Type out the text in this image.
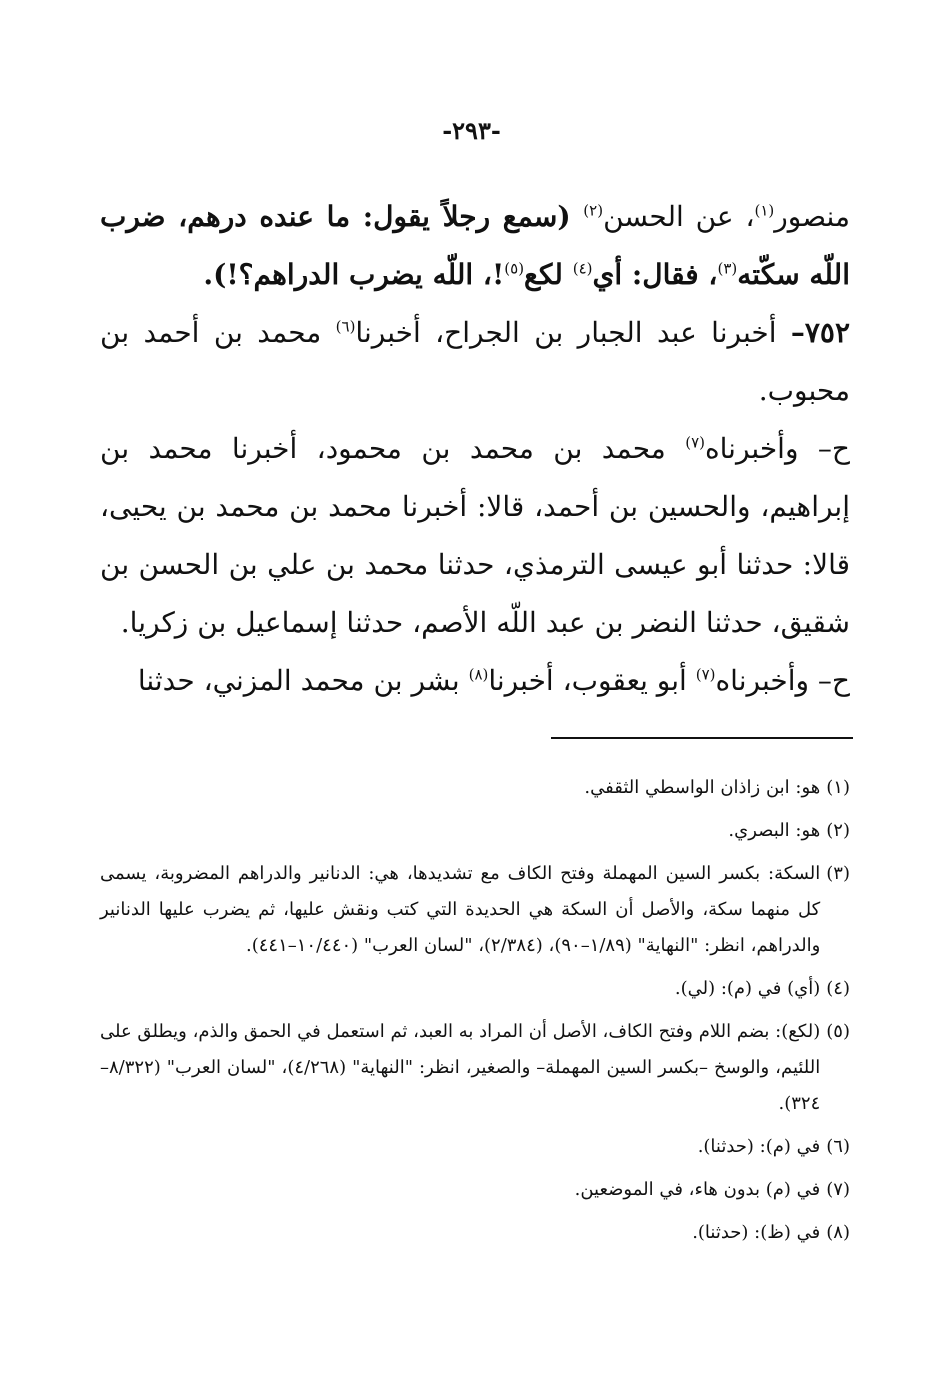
-٢٩٣-

منصور$^{(١)}$، عن الحسن$^{(٢)}$ (سمع رجلاً يقول: ما عنده درهم، ضرب اللّه سكّته$^{(٣)}$، فقال: أي$^{(٤)}$ لكع$^{(٥)}$!، اللّه يضرب الدراهم؟!).

٧٥٢– أخبرنا عبد الجبار بن الجراح، أخبرنا$^{(٦)}$ محمد بن أحمد بن محبوب.

ح– وأخبرناه$^{(٧)}$ محمد بن محمد بن محمود، أخبرنا محمد بن إبراهيم، والحسين بن أحمد، قالا: أخبرنا محمد بن محمد بن يحيى، قالا: حدثنا أبو عيسى الترمذي، حدثنا محمد بن علي بن الحسن بن شقيق، حدثنا النضر بن عبد اللّه الأصم، حدثنا إسماعيل بن زكريا.

ح– وأخبرناه$^{(٧)}$ أبو يعقوب، أخبرنا$^{(٨)}$ بشر بن محمد المزني، حدثنا

(١)
هو: ابن زاذان الواسطي الثقفي.
(٢)
هو: البصري.
(٣)
السكة: بكسر السين المهملة وفتح الكاف مع تشديدها، هي: الدنانير والدراهم المضروبة، يسمى كل منهما سكة، والأصل أن السكة هي الحديدة التي كتب ونقش عليها، ثم يضرب عليها الدنانير والدراهم، انظر: "النهاية" (١/٨٩–٩٠)، (٢/٣٨٤)، "لسان العرب" (١٠/٤٤٠–٤٤١).
(٤)
(أي) في (م): (لي).
(٥)
(لكع): بضم اللام وفتح الكاف، الأصل أن المراد به العبد، ثم استعمل في الحمق والذم، ويطلق على اللئيم، والوسخ –بكسر السين المهملة– والصغير، انظر: "النهاية" (٤/٢٦٨)، "لسان العرب" (٨/٣٢٢–٣٢٤).
(٦)
في (م): (حدثنا).
(٧)
في (م) بدون هاء، في الموضعين.
(٨)
في (ظ): (حدثنا).
